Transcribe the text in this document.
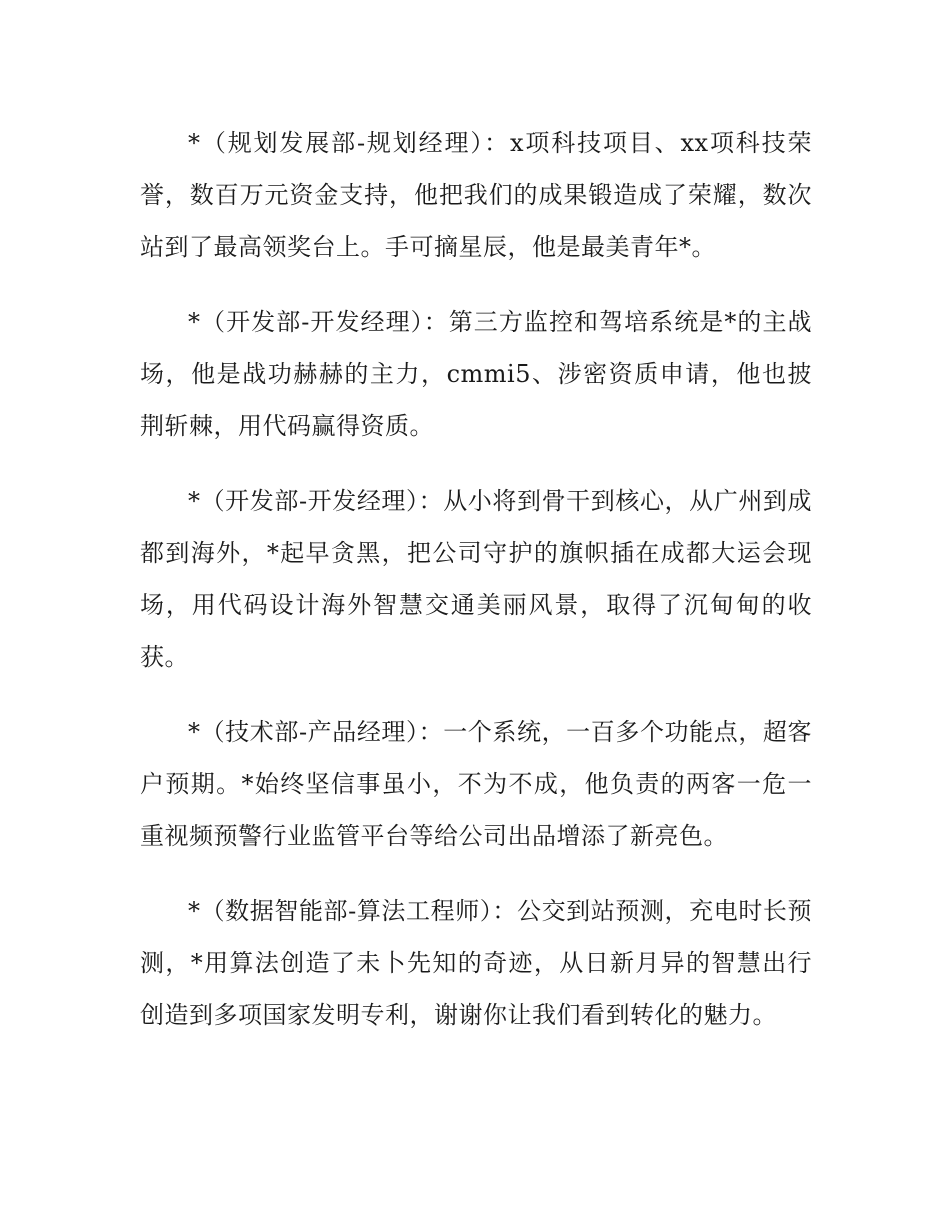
*（规划发展部-规划经理）：x项科技项目、xx项科技荣誉，数百万元资金支持，他把我们的成果锻造成了荣耀，数次站到了最高领奖台上。手可摘星辰，他是最美青年*。

*（开发部-开发经理）：第三方监控和驾培系统是*的主战场，他是战功赫赫的主力，cmmi5、涉密资质申请，他也披荆斩棘，用代码赢得资质。

*（开发部-开发经理）：从小将到骨干到核心，从广州到成都到海外，*起早贪黑，把公司守护的旗帜插在成都大运会现场，用代码设计海外智慧交通美丽风景，取得了沉甸甸的收获。

*（技术部-产品经理）：一个系统，一百多个功能点，超客户预期。*始终坚信事虽小，不为不成，他负责的两客一危一重视频预警行业监管平台等给公司出品增添了新亮色。

*（数据智能部-算法工程师）：公交到站预测，充电时长预测，*用算法创造了未卜先知的奇迹，从日新月异的智慧出行创造到多项国家发明专利，谢谢你让我们看到转化的魅力。
